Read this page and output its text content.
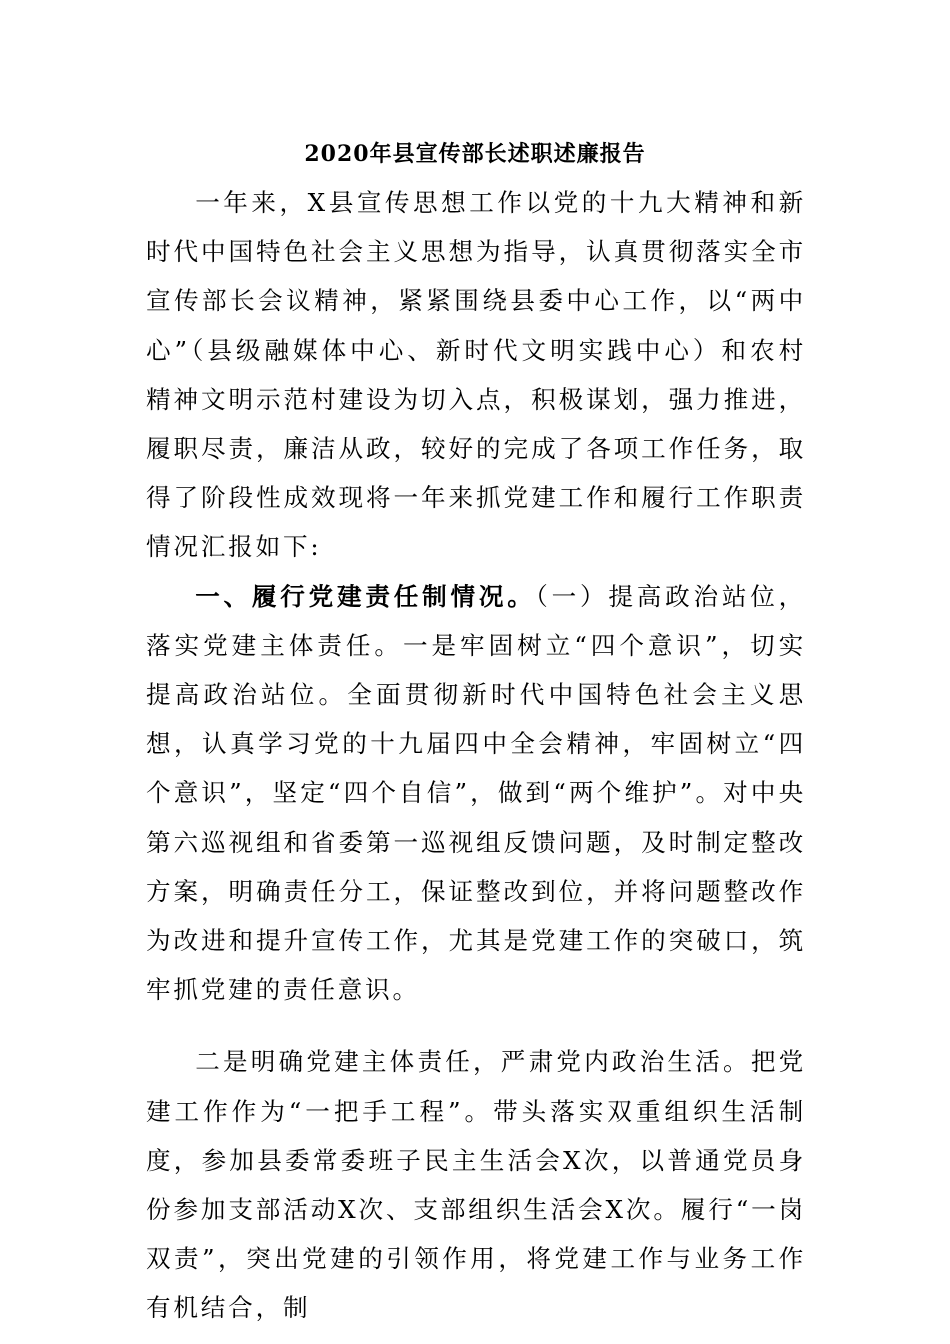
2020年县宣传部长述职述廉报告

一年来，X县宣传思想工作以党的十九大精神和新时代中国特色社会主义思想为指导，认真贯彻落实全市宣传部长会议精神，紧紧围绕县委中心工作，以“两中心”（县级融媒体中心、新时代文明实践中心）和农村精神文明示范村建设为切入点，积极谋划，强力推进，履职尽责，廉洁从政，较好的完成了各项工作任务，取得了阶段性成效现将一年来抓党建工作和履行工作职责情况汇报如下:

一、履行党建责任制情况。（一）提高政治站位，落实党建主体责任。一是牢固树立“四个意识”，切实提高政治站位。全面贯彻新时代中国特色社会主义思想，认真学习党的十九届四中全会精神，牢固树立“四个意识”，坚定“四个自信”，做到“两个维护”。对中央第六巡视组和省委第一巡视组反馈问题，及时制定整改方案，明确责任分工，保证整改到位，并将问题整改作为改进和提升宣传工作，尤其是党建工作的突破口，筑牢抓党建的责任意识。

二是明确党建主体责任，严肃党内政治生活。把党建工作作为“一把手工程”。带头落实双重组织生活制度，参加县委常委班子民主生活会X次，以普通党员身份参加支部活动X次、支部组织生活会X次。履行“一岗双责”，突出党建的引领作用，将党建工作与业务工作有机结合，制
